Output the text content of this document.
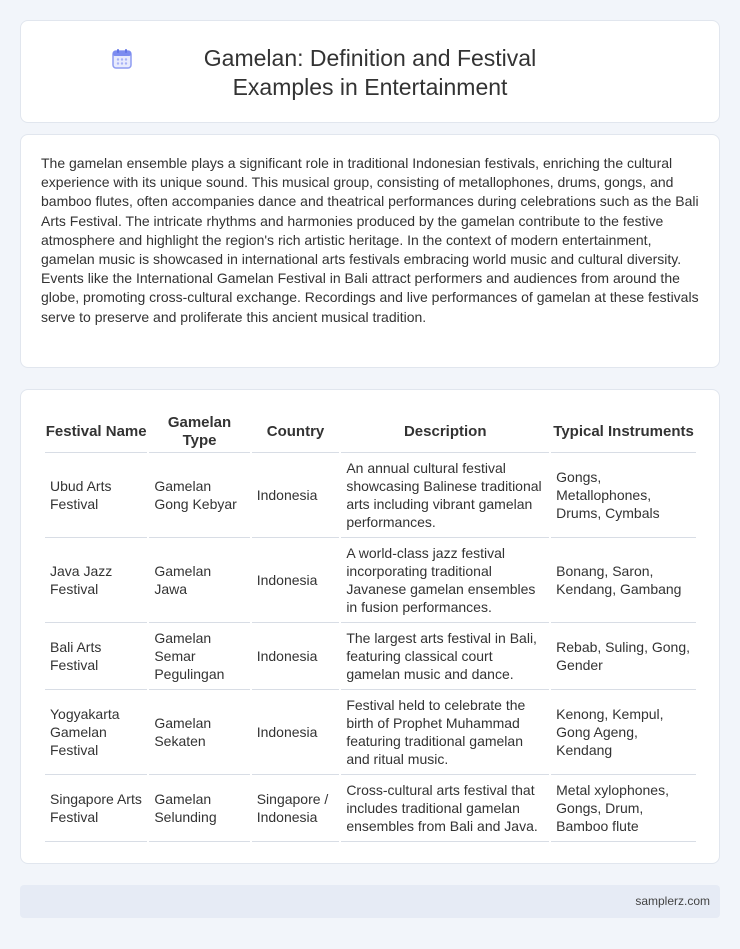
Gamelan: Definition and Festival Examples in Entertainment

The gamelan ensemble plays a significant role in traditional Indonesian festivals, enriching the cultural experience with its unique sound. This musical group, consisting of metallophones, drums, gongs, and bamboo flutes, often accompanies dance and theatrical performances during celebrations such as the Bali Arts Festival. The intricate rhythms and harmonies produced by the gamelan contribute to the festive atmosphere and highlight the region's rich artistic heritage. In the context of modern entertainment, gamelan music is showcased in international arts festivals embracing world music and cultural diversity. Events like the International Gamelan Festival in Bali attract performers and audiences from around the globe, promoting cross-cultural exchange. Recordings and live performances of gamelan at these festivals serve to preserve and proliferate this ancient musical tradition.

Festival Name	Gamelan Type	Country	Description	Typical Instruments
Ubud Arts Festival	Gamelan Gong Kebyar	Indonesia	An annual cultural festival showcasing Balinese traditional arts including vibrant gamelan performances.	Gongs, Metallophones, Drums, Cymbals
Java Jazz Festival	Gamelan Jawa	Indonesia	A world-class jazz festival incorporating traditional Javanese gamelan ensembles in fusion performances.	Bonang, Saron, Kendang, Gambang
Bali Arts Festival	Gamelan Semar Pegulingan	Indonesia	The largest arts festival in Bali, featuring classical court gamelan music and dance.	Rebab, Suling, Gong, Gender
Yogyakarta Gamelan Festival	Gamelan Sekaten	Indonesia	Festival held to celebrate the birth of Prophet Muhammad featuring traditional gamelan and ritual music.	Kenong, Kempul, Gong Ageng, Kendang
Singapore Arts Festival	Gamelan Selunding	Singapore / Indonesia	Cross-cultural arts festival that includes traditional gamelan ensembles from Bali and Java.	Metal xylophones, Gongs, Drum, Bamboo flute
samplerz.com
